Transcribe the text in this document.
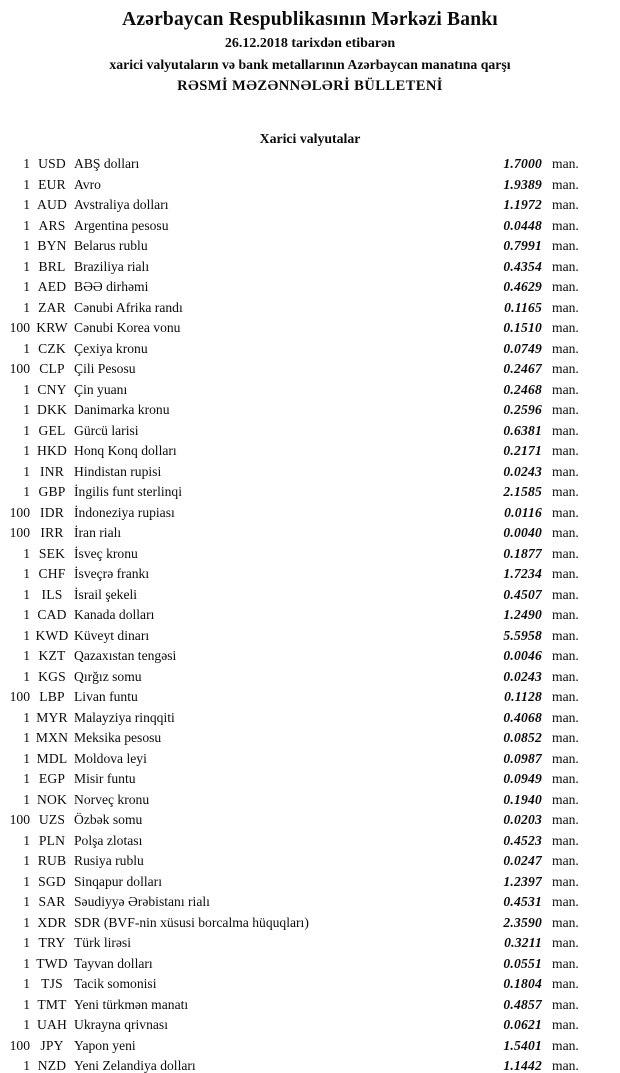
Azərbaycan Respublikasının Mərkəzi Bankı
26.12.2018 tarixdən etibarən
xarici valyutaların və bank metallarının Azərbaycan manatına qarşı
RƏSMİ MƏZƏNNƏLƏRİ BÜLLETENİ
Xarici valyutalar
1 USD ABŞ dolları	1.7000 man.
1 EUR Avro	1.9389 man.
1 AUD Avstraliya dolları	1.1972 man.
1 ARS Argentina pesosu	0.0448 man.
1 BYN Belarus rublu	0.7991 man.
1 BRL Braziliya rialı	0.4354 man.
1 AED BƏƏ dirhəmi	0.4629 man.
1 ZAR Cənubi Afrika randı	0.1165 man.
100 KRW Cənubi Korea vonu	0.1510 man.
1 CZK Çexiya kronu	0.0749 man.
100 CLP Çili Pesosu	0.2467 man.
1 CNY Çin yuanı	0.2468 man.
1 DKK Danimarka kronu	0.2596 man.
1 GEL Gürcü larisi	0.6381 man.
1 HKD Honq Konq dolları	0.2171 man.
1 INR Hindistan rupisi	0.0243 man.
1 GBP İngilis funt sterlinqi	2.1585 man.
100 IDR İndoneziya rupiası	0.0116 man.
100 IRR İran rialı	0.0040 man.
1 SEK İsveç kronu	0.1877 man.
1 CHF İsveçrə frankı	1.7234 man.
1 ILS İsrail şekeli	0.4507 man.
1 CAD Kanada dolları	1.2490 man.
1 KWD Küveyt dinarı	5.5958 man.
1 KZT Qazaxıstan tengəsi	0.0046 man.
1 KGS Qırğız somu	0.0243 man.
100 LBP Livan funtu	0.1128 man.
1 MYR Malayziya rinqqiti	0.4068 man.
1 MXN Meksika pesosu	0.0852 man.
1 MDL Moldova leyi	0.0987 man.
1 EGP Misir funtu	0.0949 man.
1 NOK Norveç kronu	0.1940 man.
100 UZS Özbək somu	0.0203 man.
1 PLN Polşa zlotası	0.4523 man.
1 RUB Rusiya rublu	0.0247 man.
1 SGD Sinqapur dolları	1.2397 man.
1 SAR Səudiyyə Ərəbistanı rialı	0.4531 man.
1 XDR SDR (BVF-nin xüsusi borcalma hüquqları)	2.3590 man.
1 TRY Türk lirəsi	0.3211 man.
1 TWD Tayvan dolları	0.0551 man.
1 TJS Tacik somonisi	0.1804 man.
1 TMT Yeni türkmən manatı	0.4857 man.
1 UAH Ukrayna qrivnası	0.0621 man.
100 JPY Yapon yeni	1.5401 man.
1 NZD Yeni Zelandiya dolları	1.1442 man.
